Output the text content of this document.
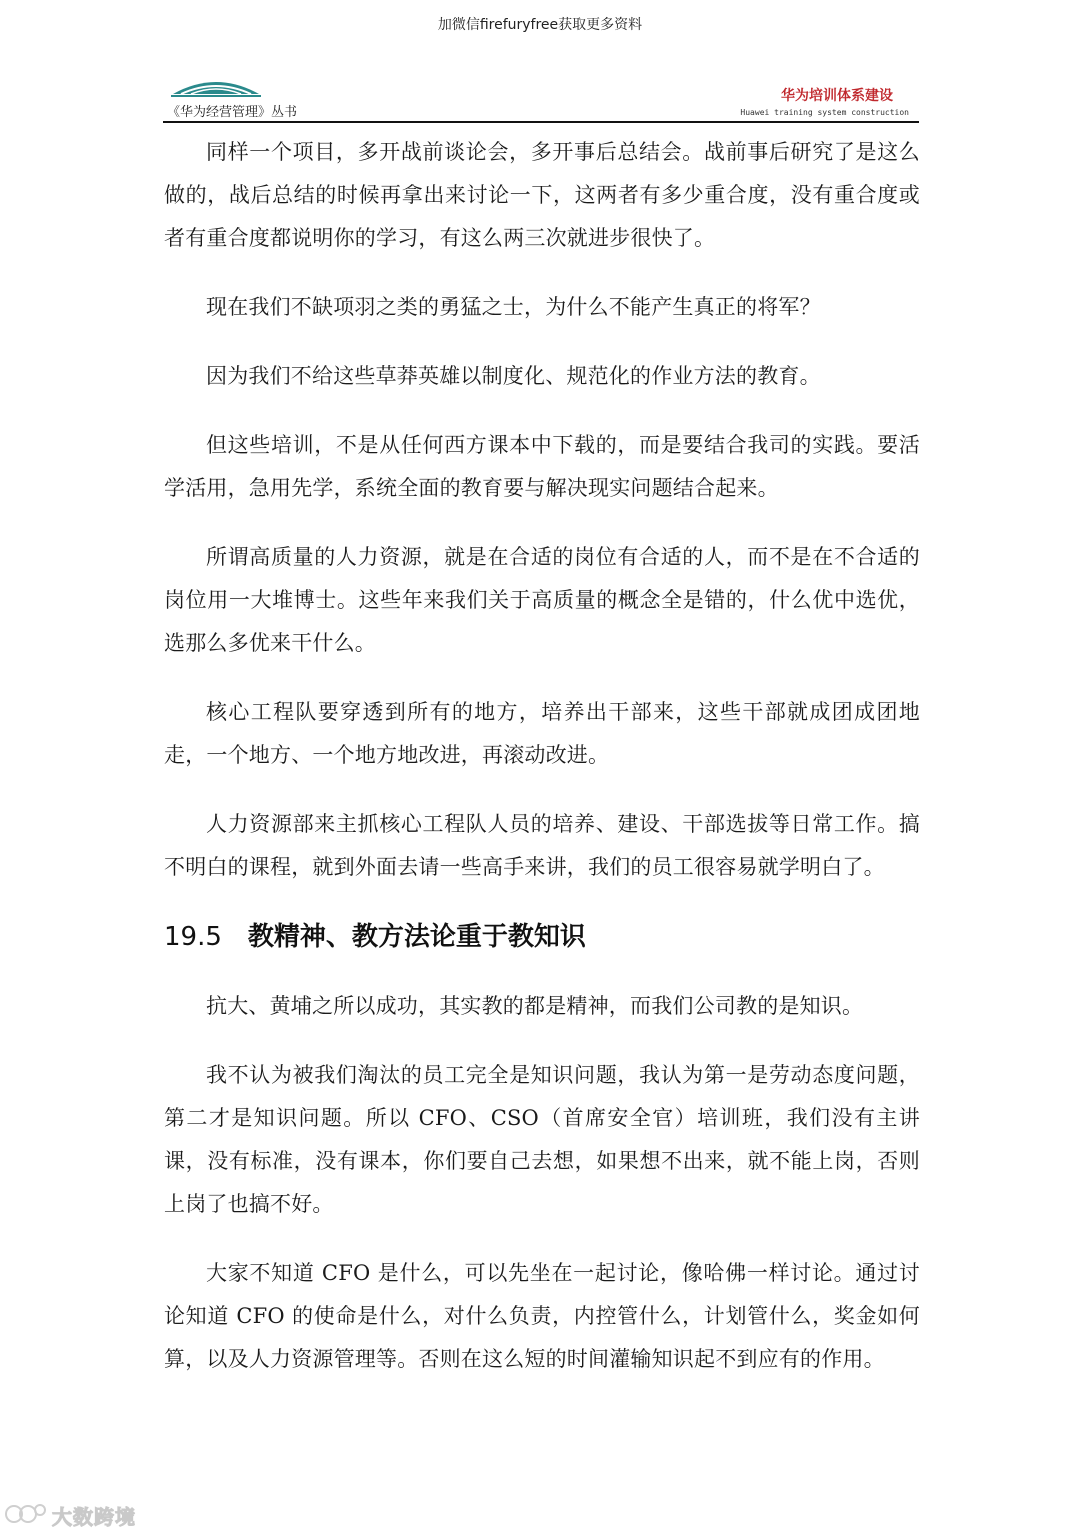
加微信firefuryfree获取更多资料
《华为经营管理》丛书
华为培训体系建设
Huawei training system construction

同样一个项目，多开战前谈论会，多开事后总结会。战前事后研究了是这么做的，战后总结的时候再拿出来讨论一下，这两者有多少重合度，没有重合度或者有重合度都说明你的学习，有这么两三次就进步很快了。

现在我们不缺项羽之类的勇猛之士，为什么不能产生真正的将军？

因为我们不给这些草莽英雄以制度化、规范化的作业方法的教育。

但这些培训，不是从任何西方课本中下载的，而是要结合我司的实践。要活学活用，急用先学，系统全面的教育要与解决现实问题结合起来。

所谓高质量的人力资源，就是在合适的岗位有合适的人，而不是在不合适的岗位用一大堆博士。这些年来我们关于高质量的概念全是错的，什么优中选优，选那么多优来干什么。

核心工程队要穿透到所有的地方，培养出干部来，这些干部就成团成团地走，一个地方、一个地方地改进，再滚动改进。

人力资源部来主抓核心工程队人员的培养、建设、干部选拔等日常工作。搞不明白的课程，就到外面去请一些高手来讲，我们的员工很容易就学明白了。

19.5 教精神、教方法论重于教知识

抗大、黄埔之所以成功，其实教的都是精神，而我们公司教的是知识。

我不认为被我们淘汰的员工完全是知识问题，我认为第一是劳动态度问题，第二才是知识问题。所以 CFO、CSO（首席安全官）培训班，我们没有主讲课，没有标准，没有课本，你们要自己去想，如果想不出来，就不能上岗，否则上岗了也搞不好。

大家不知道 CFO 是什么，可以先坐在一起讨论，像哈佛一样讨论。通过讨论知道 CFO 的使命是什么，对什么负责，内控管什么，计划管什么，奖金如何算，以及人力资源管理等。否则在这么短的时间灌输知识起不到应有的作用。

大数跨境
